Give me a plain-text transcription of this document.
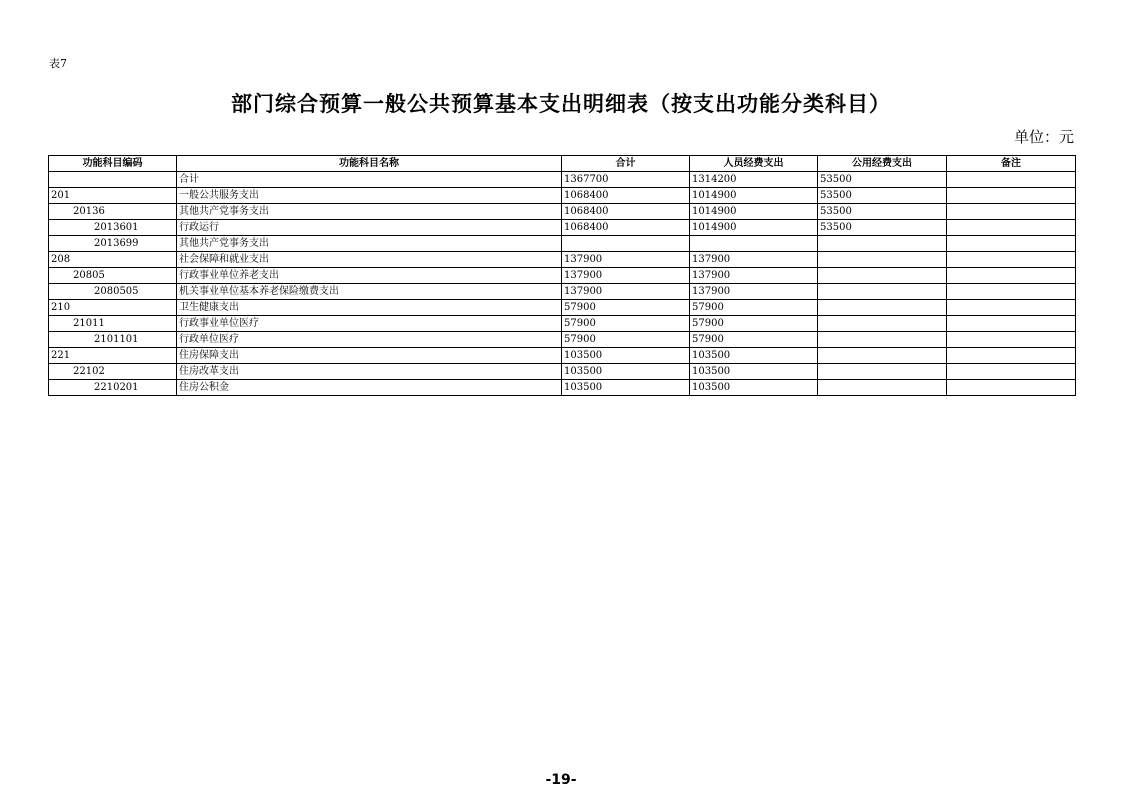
表7
部门综合预算一般公共预算基本支出明细表（按支出功能分类科目）
单位：元
功能科目编码	功能科目名称	合计	人员经费支出	公用经费支出	备注
	合计	1367700	1314200	53500	
201	一般公共服务支出	1068400	1014900	53500	
20136	其他共产党事务支出	1068400	1014900	53500	
2013601	行政运行	1068400	1014900	53500	
2013699	其他共产党事务支出				
208	社会保障和就业支出	137900	137900		
20805	行政事业单位养老支出	137900	137900		
2080505	机关事业单位基本养老保险缴费支出	137900	137900		
210	卫生健康支出	57900	57900		
21011	行政事业单位医疗	57900	57900		
2101101	行政单位医疗	57900	57900		
221	住房保障支出	103500	103500		
22102	住房改革支出	103500	103500		
2210201	住房公积金	103500	103500		
-19-
